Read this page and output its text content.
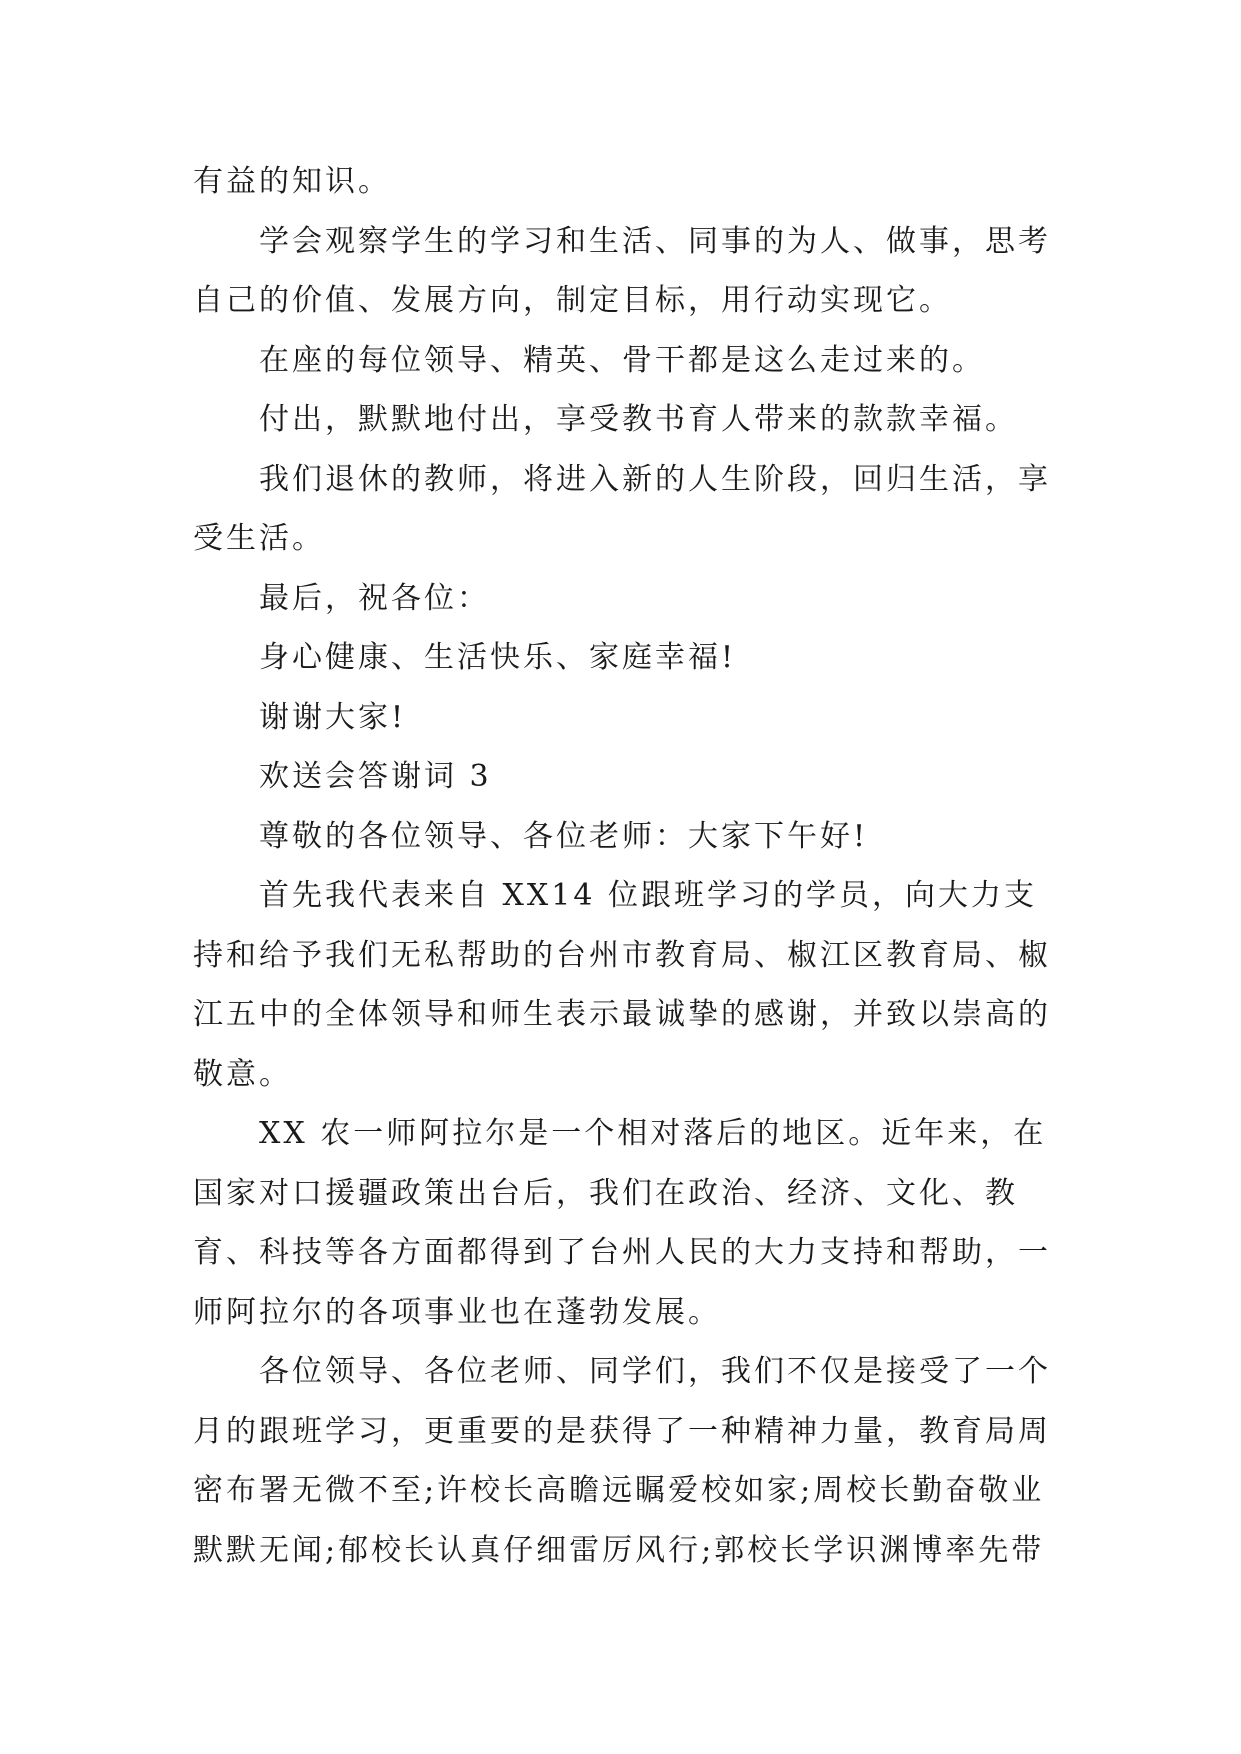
有益的知识。

学会观察学生的学习和生活、同事的为人、做事，思考自己的价值、发展方向，制定目标，用行动实现它。

在座的每位领导、精英、骨干都是这么走过来的。

付出，默默地付出，享受教书育人带来的款款幸福。

我们退休的教师，将进入新的人生阶段，回归生活，享受生活。

最后，祝各位：

身心健康、生活快乐、家庭幸福!

谢谢大家!

欢送会答谢词 3

尊敬的各位领导、各位老师：大家下午好!

首先我代表来自 XX14 位跟班学习的学员，向大力支持和给予我们无私帮助的台州市教育局、椒江区教育局、椒江五中的全体领导和师生表示最诚挚的感谢，并致以崇高的敬意。

XX 农一师阿拉尔是一个相对落后的地区。近年来，在国家对口援疆政策出台后，我们在政治、经济、文化、教育、科技等各方面都得到了台州人民的大力支持和帮助，一师阿拉尔的各项事业也在蓬勃发展。

各位领导、各位老师、同学们，我们不仅是接受了一个月的跟班学习，更重要的是获得了一种精神力量，教育局周密布署无微不至;许校长高瞻远瞩爱校如家;周校长勤奋敬业默默无闻;郁校长认真仔细雷厉风行;郭校长学识渊博率先带
